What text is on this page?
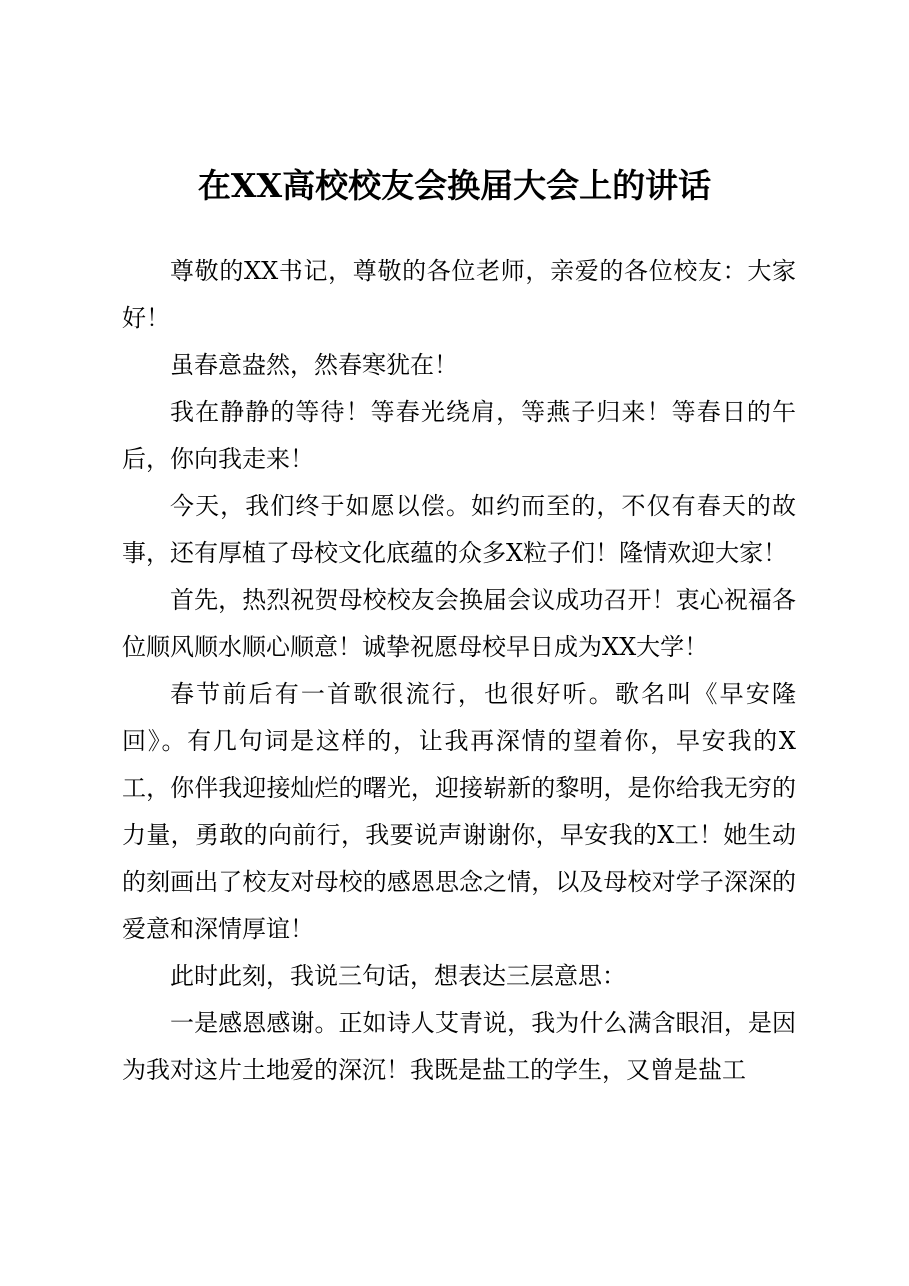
在XX高校校友会换届大会上的讲话

尊敬的XX书记，尊敬的各位老师，亲爱的各位校友：大家好！

虽春意盎然，然春寒犹在！

我在静静的等待！等春光绕肩，等燕子归来！等春日的午后，你向我走来！

今天，我们终于如愿以偿。如约而至的，不仅有春天的故事，还有厚植了母校文化底蕴的众多X粒子们！隆情欢迎大家！

首先，热烈祝贺母校校友会换届会议成功召开！衷心祝福各位顺风顺水顺心顺意！诚挚祝愿母校早日成为XX大学！

春节前后有一首歌很流行，也很好听。歌名叫《早安隆回》。有几句词是这样的，让我再深情的望着你，早安我的X工，你伴我迎接灿烂的曙光，迎接崭新的黎明，是你给我无穷的力量，勇敢的向前行，我要说声谢谢你，早安我的X工！她生动的刻画出了校友对母校的感恩思念之情，以及母校对学子深深的爱意和深情厚谊！

此时此刻，我说三句话，想表达三层意思：

一是感恩感谢。正如诗人艾青说，我为什么满含眼泪，是因为我对这片土地爱的深沉！我既是盐工的学生，又曾是盐工
